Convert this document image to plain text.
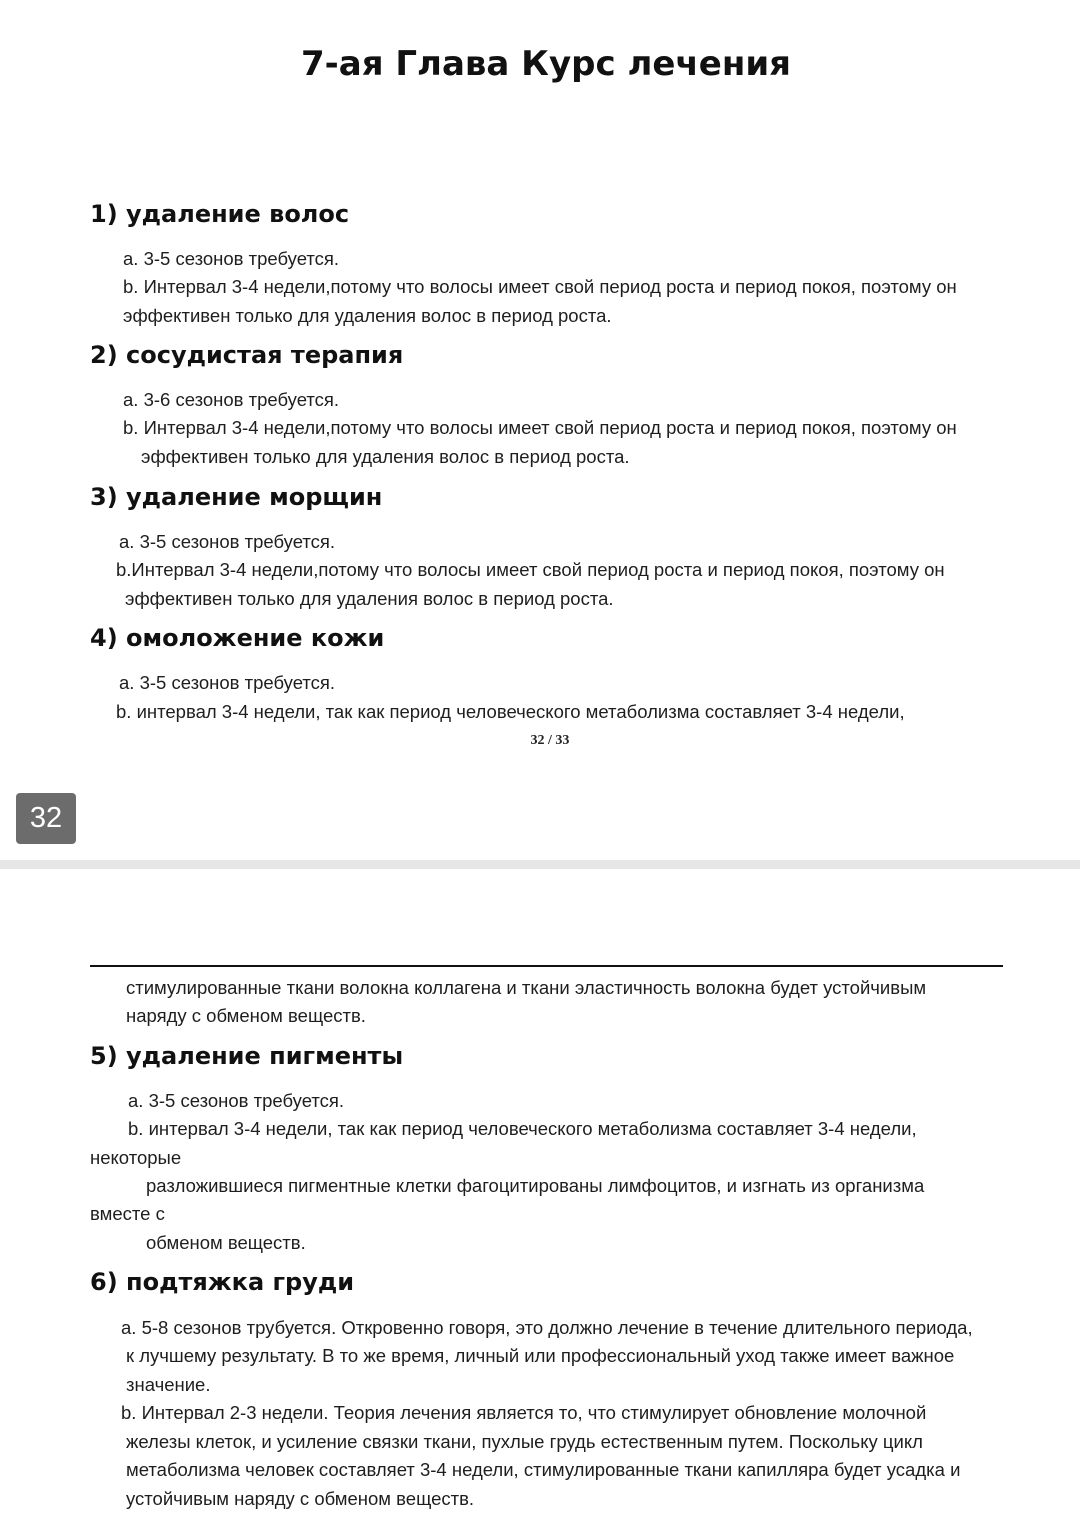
7-ая Глава Курс лечения
1) удаление волос
a. 3-5 сезонов требуется.
b. Интервал 3-4 недели,потому что волосы имеет свой период роста и период покоя, поэтому он
эффективен только для удаления волос в период роста.
2) сосудистая терапия
a. 3-6 сезонов требуется.
b. Интервал 3-4 недели,потому что волосы имеет свой период роста и период покоя, поэтому он
эффективен только для удаления волос в период роста.
3) удаление морщин
a. 3-5 сезонов требуется.
b.Интервал 3-4 недели,потому что волосы имеет свой период роста и период покоя, поэтому он
эффективен только для удаления волос в период роста.
4) омоложение кожи
a. 3-5 сезонов требуется.
b. интервал 3-4 недели, так как период человеческого метаболизма составляет 3-4 недели,
32 / 33
32
стимулированные ткани волокна коллагена и ткани эластичность волокна будет устойчивым
наряду с обменом веществ.
5) удаление пигменты
a. 3-5 сезонов требуется.
b. интервал 3-4 недели, так как период человеческого метаболизма составляет 3-4 недели,
некоторые
разложившиеся пигментные клетки фагоцитированы лимфоцитов, и изгнать из организма
вместе с
обменом веществ.
6) подтяжка груди
a. 5-8 сезонов трубуется. Откровенно говоря, это должно лечение в течение длительного периода,
к лучшему результату. В то же время, личный или профессиональный уход также имеет важное
значение.
b. Интервал 2-3 недели. Теория лечения является то, что стимулирует обновление молочной
железы клеток, и усиление связки ткани, пухлые грудь естественным путем. Поскольку цикл
метаболизма человек составляет 3-4 недели, стимулированные ткани капилляра будет усадка и
устойчивым наряду с обменом веществ.
